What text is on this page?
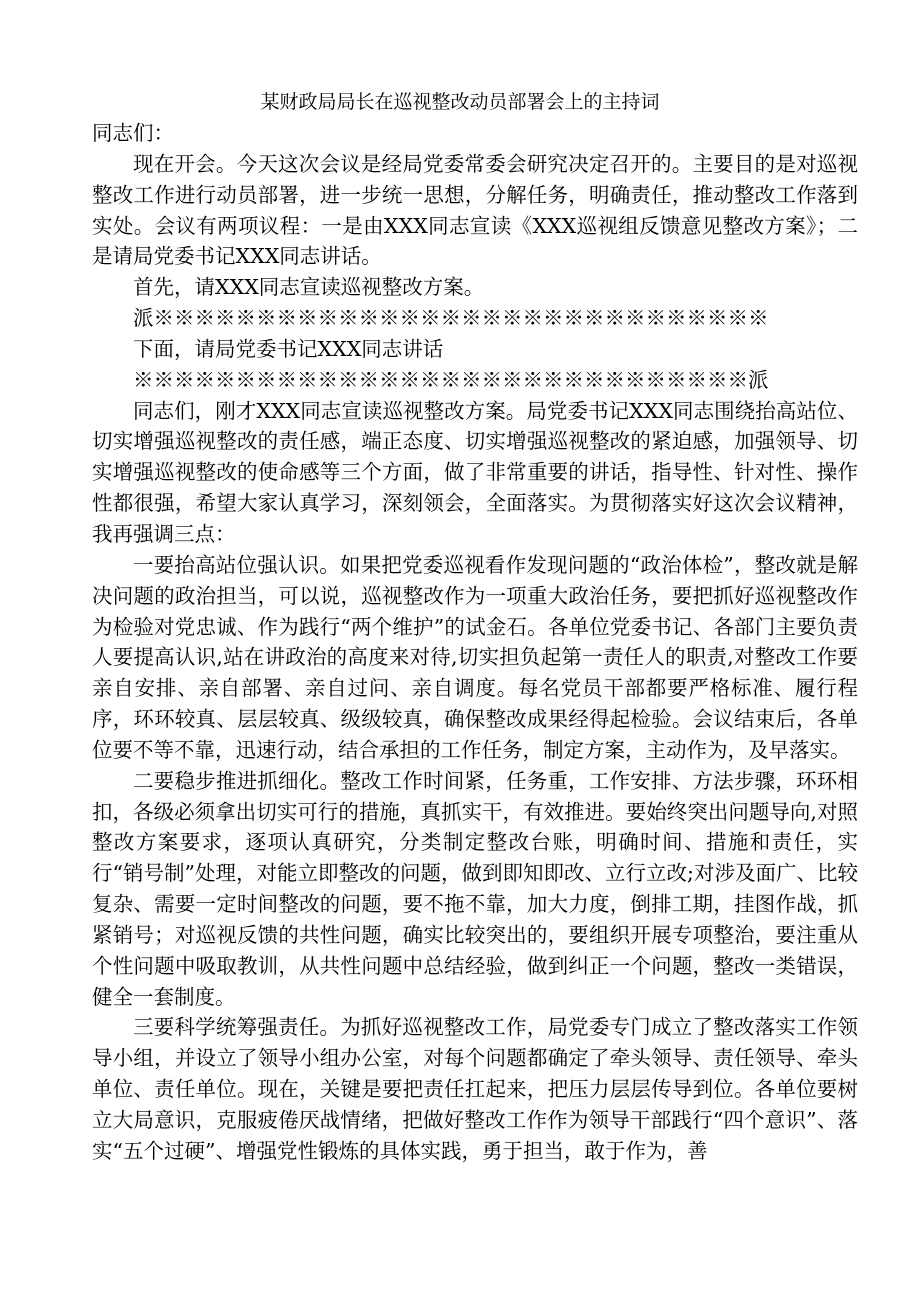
某财政局局长在巡视整改动员部署会上的主持词

同志们：

现在开会。今天这次会议是经局党委常委会研究决定召开的。主要目的是对巡视整改工作进行动员部署，进一步统一思想，分解任务，明确责任，推动整改工作落到实处。会议有两项议程：一是由XXX同志宣读《XXX巡视组反馈意见整改方案》；二是请局党委书记XXX同志讲话。

首先，请XXX同志宣读巡视整改方案。

派※※※※※※※※※※※※※※※※※※※※※※※※※※※※※※

下面，请局党委书记XXX同志讲话

※※※※※※※※※※※※※※※※※※※※※※※※※※※※※※派

同志们，刚才XXX同志宣读巡视整改方案。局党委书记XXX同志围绕抬高站位、切实增强巡视整改的责任感，端正态度、切实增强巡视整改的紧迫感，加强领导、切实增强巡视整改的使命感等三个方面，做了非常重要的讲话，指导性、针对性、操作性都很强，希望大家认真学习，深刻领会，全面落实。为贯彻落实好这次会议精神，我再强调三点：

一要抬高站位强认识。如果把党委巡视看作发现问题的“政治体检”，整改就是解决问题的政治担当，可以说，巡视整改作为一项重大政治任务，要把抓好巡视整改作为检验对党忠诚、作为践行“两个维护”的试金石。各单位党委书记、各部门主要负责人要提高认识,站在讲政治的高度来对待,切实担负起第一责任人的职责,对整改工作要亲自安排、亲自部署、亲自过问、亲自调度。每名党员干部都要严格标准、履行程序，环环较真、层层较真、级级较真，确保整改成果经得起检验。会议结束后，各单位要不等不靠，迅速行动，结合承担的工作任务，制定方案，主动作为，及早落实。

二要稳步推进抓细化。整改工作时间紧，任务重，工作安排、方法步骤，环环相扣，各级必须拿出切实可行的措施，真抓实干，有效推进。要始终突出问题导向,对照整改方案要求，逐项认真研究，分类制定整改台账，明确时间、措施和责任，实行“销号制”处理，对能立即整改的问题，做到即知即改、立行立改;对涉及面广、比较复杂、需要一定时间整改的问题，要不拖不靠，加大力度，倒排工期，挂图作战，抓紧销号；对巡视反馈的共性问题，确实比较突出的，要组织开展专项整治，要注重从个性问题中吸取教训，从共性问题中总结经验，做到纠正一个问题，整改一类错误，健全一套制度。

三要科学统筹强责任。为抓好巡视整改工作，局党委专门成立了整改落实工作领导小组，并设立了领导小组办公室，对每个问题都确定了牵头领导、责任领导、牵头单位、责任单位。现在，关键是要把责任扛起来，把压力层层传导到位。各单位要树立大局意识，克服疲倦厌战情绪，把做好整改工作作为领导干部践行“四个意识”、落实“五个过硬”、增强党性锻炼的具体实践，勇于担当，敢于作为，善
